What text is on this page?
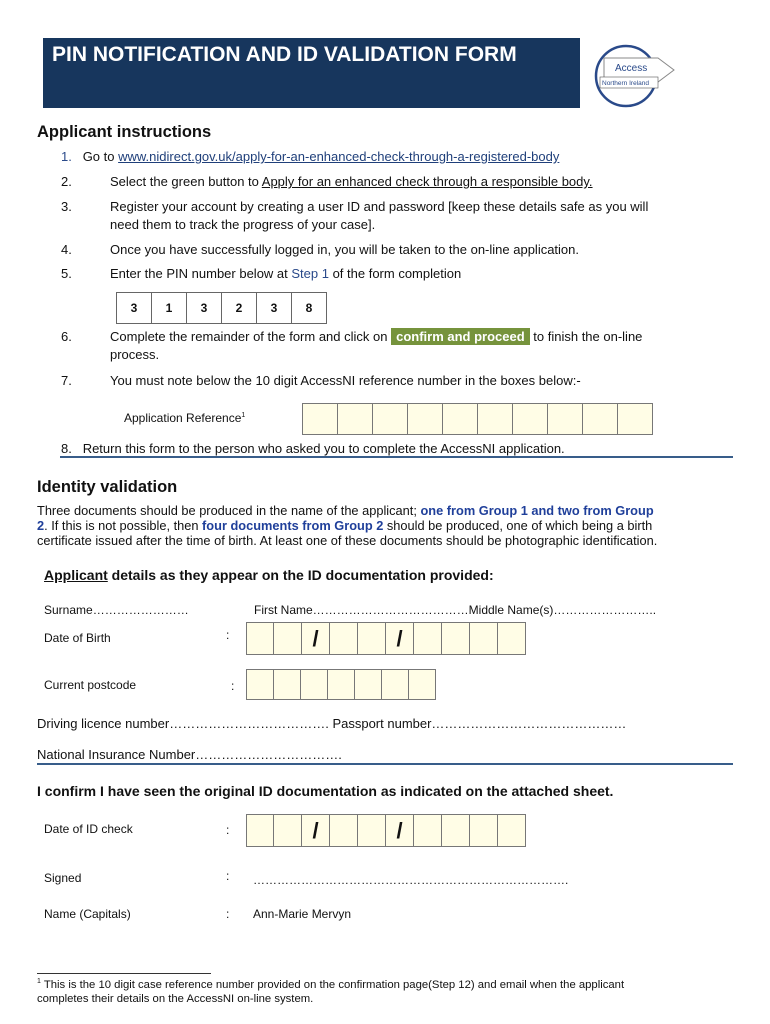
PIN NOTIFICATION AND ID VALIDATION FORM
Access
Northern Ireland
Applicant instructions
1. Go to www.nidirect.gov.uk/apply-for-an-enhanced-check-through-a-registered-body
2.	Select the green button to Apply for an enhanced check through a responsible body.
3.	Register your account by creating a user ID and password [keep these details safe as you will
need them to track the progress of your case].
4.	Once you have successfully logged in, you will be taken to the on-line application.
5.	Enter the PIN number below at Step 1 of the form completion
3	1	3	2	3	8
6.	Complete the remainder of the form and click on confirm and proceed to finish the on-line
process.
7.	You must note below the 10 digit AccessNI reference number in the boxes below:-
Application Reference$^1$
8. Return this form to the person who asked you to complete the AccessNI application.
Identity validation
Three documents should be produced in the name of the applicant; one from Group 1 and two from Group
2. If this is not possible, then four documents from Group 2 should be produced, one of which being a birth
certificate issued after the time of birth. At least one of these documents should be photographic identification.
Applicant details as they appear on the ID documentation provided:
Surname……………………	First Name…………………………………Middle Name(s)……………………..
Date of Birth	:	/	/
Current postcode	:
Driving licence number………………………………. Passport number………………………………………
National Insurance Number…………………………….
I confirm I have seen the original ID documentation as indicated on the attached sheet.
Date of ID check	:	/	/
Signed	: …………………………………………………………………….
Name (Capitals)	: Ann-Marie Mervyn
$^1$ This is the 10 digit case reference number provided on the confirmation page(Step 12) and email when the applicant
completes their details on the AccessNI on-line system.
